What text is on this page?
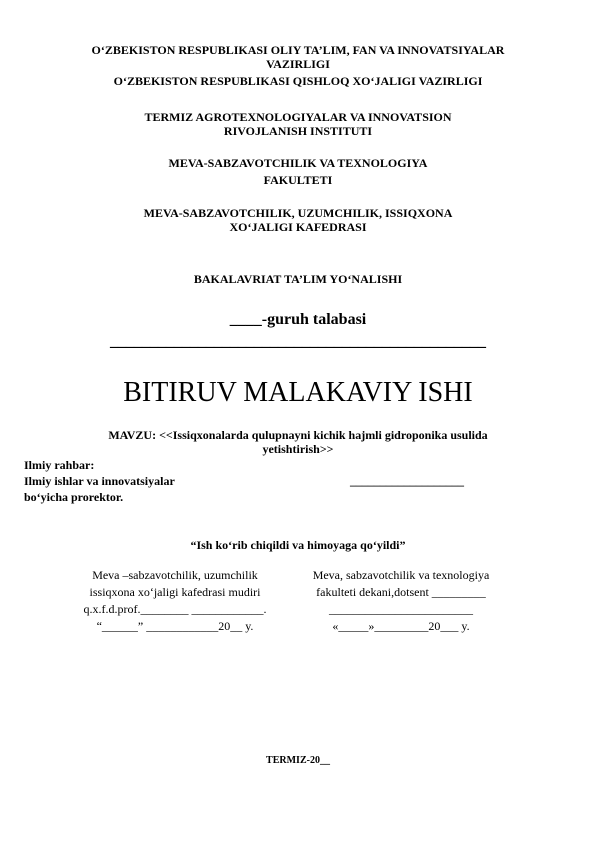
O‘ZBEKISTON RESPUBLIKASI OLIY TA’LIM, FAN VA INNOVATSIYALAR
VAZIRLIGI
O‘ZBEKISTON RESPUBLIKASI QISHLOQ XO‘JALIGI VAZIRLIGI
TERMIZ AGROTEXNOLOGIYALAR VA INNOVATSION
RIVOJLANISH INSTITUTI
MEVA-SABZAVOTCHILIK VA TEXNOLOGIYA
FAKULTETI
MEVA-SABZAVOTCHILIK, UZUMCHILIK, ISSIQXONA
XO‘JALIGI KAFEDRASI
BAKALAVRIAT TA’LIM YO‘NALISHI
____-guruh talabasi
_______________________________________________
BITIRUV MALAKAVIY ISHI
MAVZU: <<Issiqxonalarda qulupnayni kichik hajmli gidroponika usulida
yetishtirish>>
Ilmiy rahbar:
Ilmiy ishlar va innovatsiyalar
bo‘yicha prorektor.
___________________
“Ish ko‘rib chiqildi va himoyaga qo‘yildi”
Meva –sabzavotchilik, uzumchilik
issiqxona xo‘jaligi kafedrasi mudiri
q.x.f.d.prof.________ ____________.
“______” ____________20__ y.
Meva, sabzavotchilik va texnologiya
fakulteti dekani,dotsent _________
________________________
«_____»_________20___ y.
TERMIZ-20__
